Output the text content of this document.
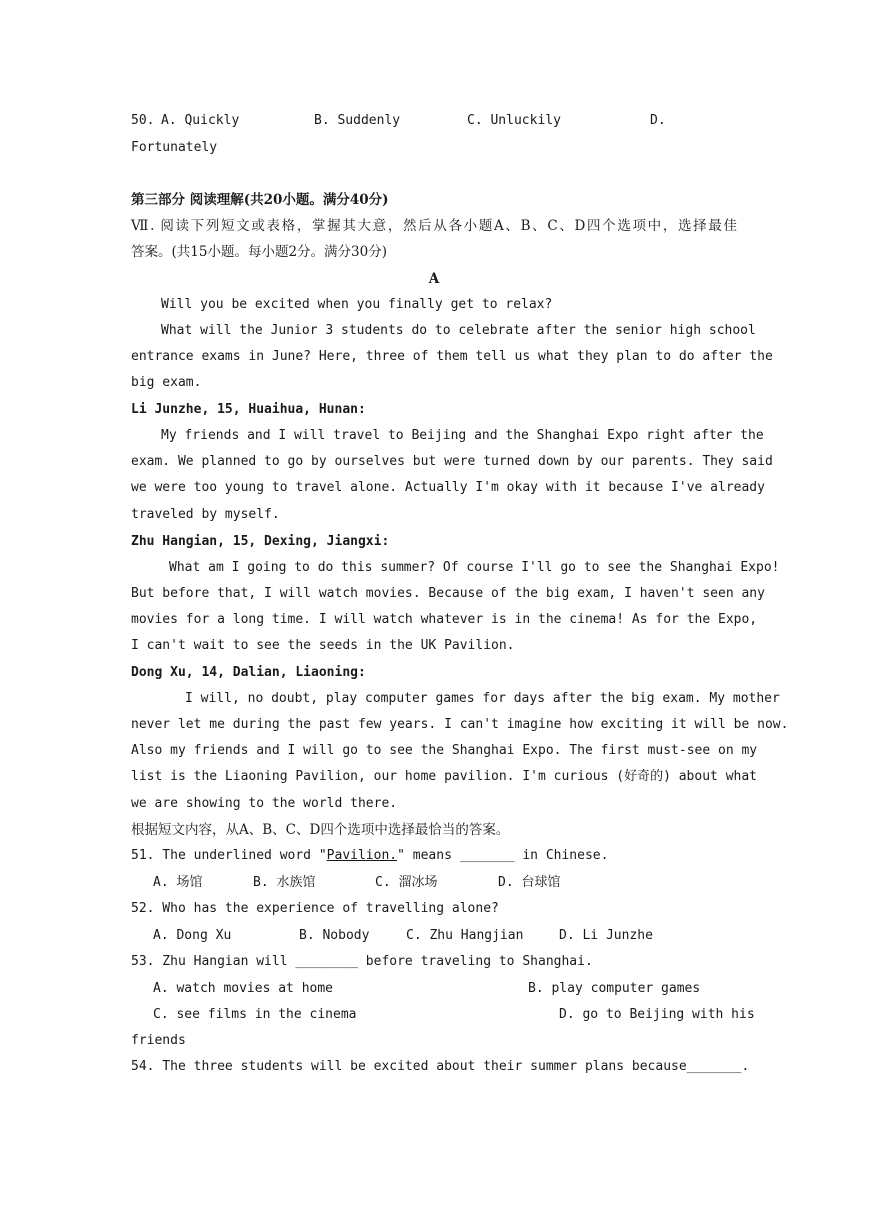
50. A. Quickly	B. Suddenly	C. Unluckily	D.
Fortunately
第三部分 阅读理解(共20小题。满分40分)
Ⅶ. 阅读下列短文或表格，掌握其大意，然后从各小题A、B、C、D四个选项中，选择最佳
答案。(共15小题。每小题2分。满分30分)
A
Will you be excited when you finally get to relax?
What will the Junior 3 students do to celebrate after the senior high school
entrance exams in June? Here, three of them tell us what they plan to do after the
big exam.
Li Junzhe, 15, Huaihua, Hunan:
My friends and I will travel to Beijing and the Shanghai Expo right after the
exam. We planned to go by ourselves but were turned down by our parents. They said
we were too young to travel alone. Actually I'm okay with it because I've already
traveled by myself.
Zhu Hangian, 15, Dexing, Jiangxi:
What am I going to do this summer? Of course I'll go to see the Shanghai Expo!
But before that, I will watch movies. Because of the big exam, I haven't seen any
movies for a long time. I will watch whatever is in the cinema! As for the Expo,
I can't wait to see the seeds in the UK Pavilion.
Dong Xu, 14, Dalian, Liaoning:
I will, no doubt, play computer games for days after the big exam. My mother
never let me during the past few years. I can't imagine how exciting it will be now.
Also my friends and I will go to see the Shanghai Expo. The first must-see on my
list is the Liaoning Pavilion, our home pavilion. I'm curious (好奇的) about what
we are showing to the world there.
根据短文内容，从A、B、C、D四个选项中选择最恰当的答案。
51. The underlined word "Pavilion." means _______ in Chinese.
A. 场馆	B. 水族馆	C. 溜冰场	D. 台球馆
52. Who has the experience of travelling alone?
A. Dong Xu	B. Nobody	C. Zhu Hangjian	D. Li Junzhe
53. Zhu Hangian will ________ before traveling to Shanghai.
A. watch movies at home	B. play computer games
C. see films in the cinema	D. go to Beijing with his
friends
54. The three students will be excited about their summer plans because_______.
